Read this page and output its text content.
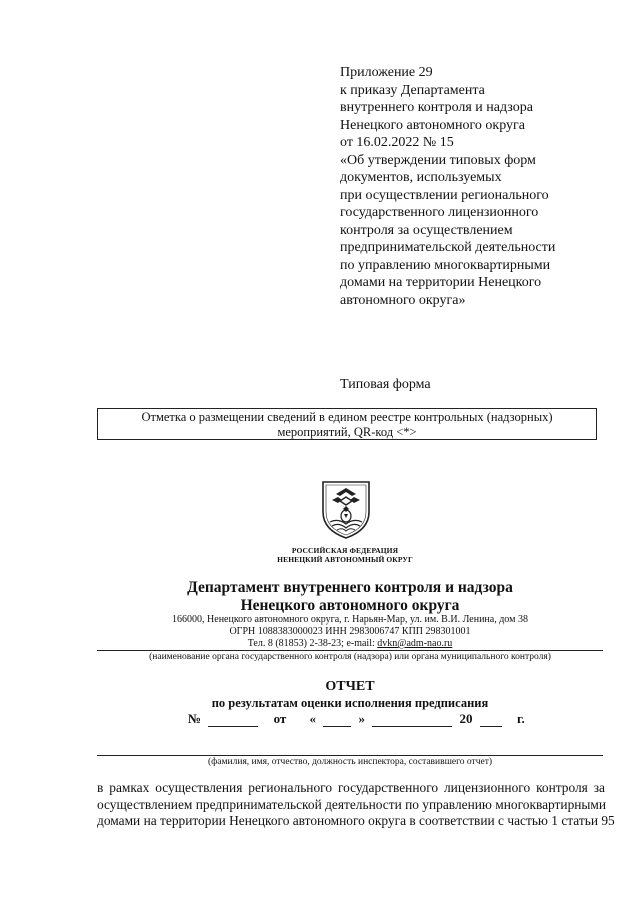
Приложение 29
к приказу Департамента
внутреннего контроля и надзора
Ненецкого автономного округа
от 16.02.2022 № 15
«Об утверждении типовых форм
документов, используемых
при осуществлении регионального
государственного лицензионного
контроля за осуществлением
предпринимательской деятельности
по управлению многоквартирными
домами на территории Ненецкого
автономного округа»
Типовая форма
Отметка о размещении сведений в едином реестре контрольных (надзорных)
мероприятий, QR-код <*>
РОССИЙСКАЯ ФЕДЕРАЦИЯ
НЕНЕЦКИЙ АВТОНОМНЫЙ ОКРУГ
Департамент внутреннего контроля и надзора
Ненецкого автономного округа
166000, Ненецкого автономного округа, г. Нарьян-Мар, ул. им. В.И. Ленина, дом 38
ОГРН 1088383000023 ИНН 2983006747 КПП 298301001
Тел. 8 (81853) 2-38-23; e-mail: dvkn@adm-nao.ru
(наименование органа государственного контроля (надзора) или органа муниципального контроля)
ОТЧЕТ
по результатам оценки исполнения предписания
№	от «	»	20	г.
(фамилия, имя, отчество, должность инспектора, составившего отчет)
в рамках осуществления регионального государственного лицензионного контроля за
осуществлением предпринимательской деятельности по управлению многоквартирными
домами на территории Ненецкого автономного округа в соответствии с частью 1 статьи 95
